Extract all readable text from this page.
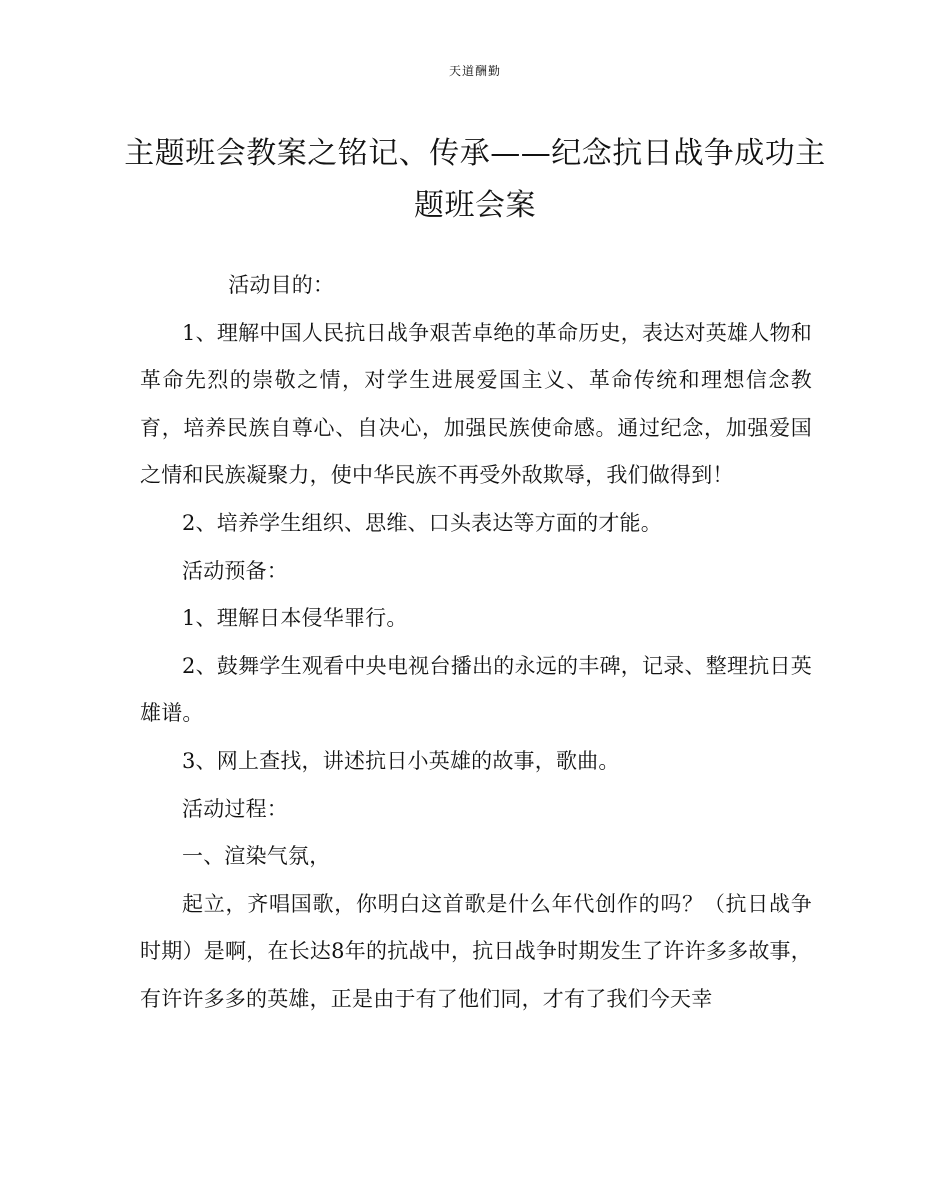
天道酬勤
主题班会教案之铭记、传承——纪念抗日战争成功主题班会案

活动目的：

1、理解中国人民抗日战争艰苦卓绝的革命历史，表达对英雄人物和革命先烈的崇敬之情，对学生进展爱国主义、革命传统和理想信念教育，培养民族自尊心、自决心，加强民族使命感。通过纪念，加强爱国之情和民族凝聚力，使中华民族不再受外敌欺辱，我们做得到！

2、培养学生组织、思维、口头表达等方面的才能。

活动预备：

1、理解日本侵华罪行。

2、鼓舞学生观看中央电视台播出的永远的丰碑，记录、整理抗日英雄谱。

3、网上查找，讲述抗日小英雄的故事，歌曲。

活动过程：

一、渲染气氛，

起立，齐唱国歌，你明白这首歌是什么年代创作的吗？（抗日战争时期）是啊，在长达8年的抗战中，抗日战争时期发生了许许多多故事，有许许多多的英雄，正是由于有了他们同，才有了我们今天幸
